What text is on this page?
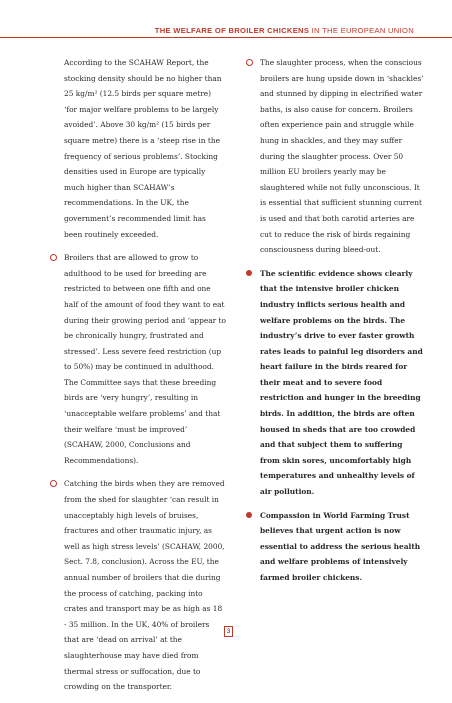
THE WELFARE OF BROILER CHICKENS IN THE EUROPEAN UNION
According to the SCAHAW Report, the stocking density should be no higher than 25 kg/m² (12.5 birds per square metre) ‘for major welfare problems to be largely avoided’. Above 30 kg/m² (15 birds per square metre) there is a ‘steep rise in the frequency of serious problems’. Stocking densities used in Europe are typically much higher than SCAHAW’s recommendations. In the UK, the government’s recommended limit has been routinely exceeded.
Broilers that are allowed to grow to adulthood to be used for breeding are restricted to between one fifth and one half of the amount of food they want to eat during their growing period and ‘appear to be chronically hungry, frustrated and stressed’. Less severe feed restriction (up to 50%) may be continued in adulthood. The Committee says that these breeding birds are ‘very hungry’, resulting in ‘unacceptable welfare problems’ and that their welfare ‘must be improved’ (SCAHAW, 2000, Conclusions and Recommendations).
Catching the birds when they are removed from the shed for slaughter ‘can result in unacceptably high levels of bruises, fractures and other traumatic injury, as well as high stress levels’ (SCAHAW, 2000, Sect. 7.8, conclusion). Across the EU, the annual number of broilers that die during the process of catching, packing into crates and transport may be as high as 18 - 35 million. In the UK, 40% of broilers that are ‘dead on arrival’ at the slaughterhouse may have died from thermal stress or suffocation, due to crowding on the transporter.
The slaughter process, when the conscious broilers are hung upside down in ‘shackles’ and stunned by dipping in electrified water baths, is also cause for concern. Broilers often experience pain and struggle while hung in shackles, and they may suffer during the slaughter process. Over 50 million EU broilers yearly may be slaughtered while not fully unconscious. It is essential that sufficient stunning current is used and that both carotid arteries are cut to reduce the risk of birds regaining consciousness during bleed-out.
The scientific evidence shows clearly that the intensive broiler chicken industry inflicts serious health and welfare problems on the birds. The industry’s drive to ever faster growth rates leads to painful leg disorders and heart failure in the birds reared for their meat and to severe food restriction and hunger in the breeding birds. In addition, the birds are often housed in sheds that are too crowded and that subject them to suffering from skin sores, uncomfortably high temperatures and unhealthy levels of air pollution.
Compassion in World Farming Trust believes that urgent action is now essential to address the serious health and welfare problems of intensively farmed broiler chickens.
3
